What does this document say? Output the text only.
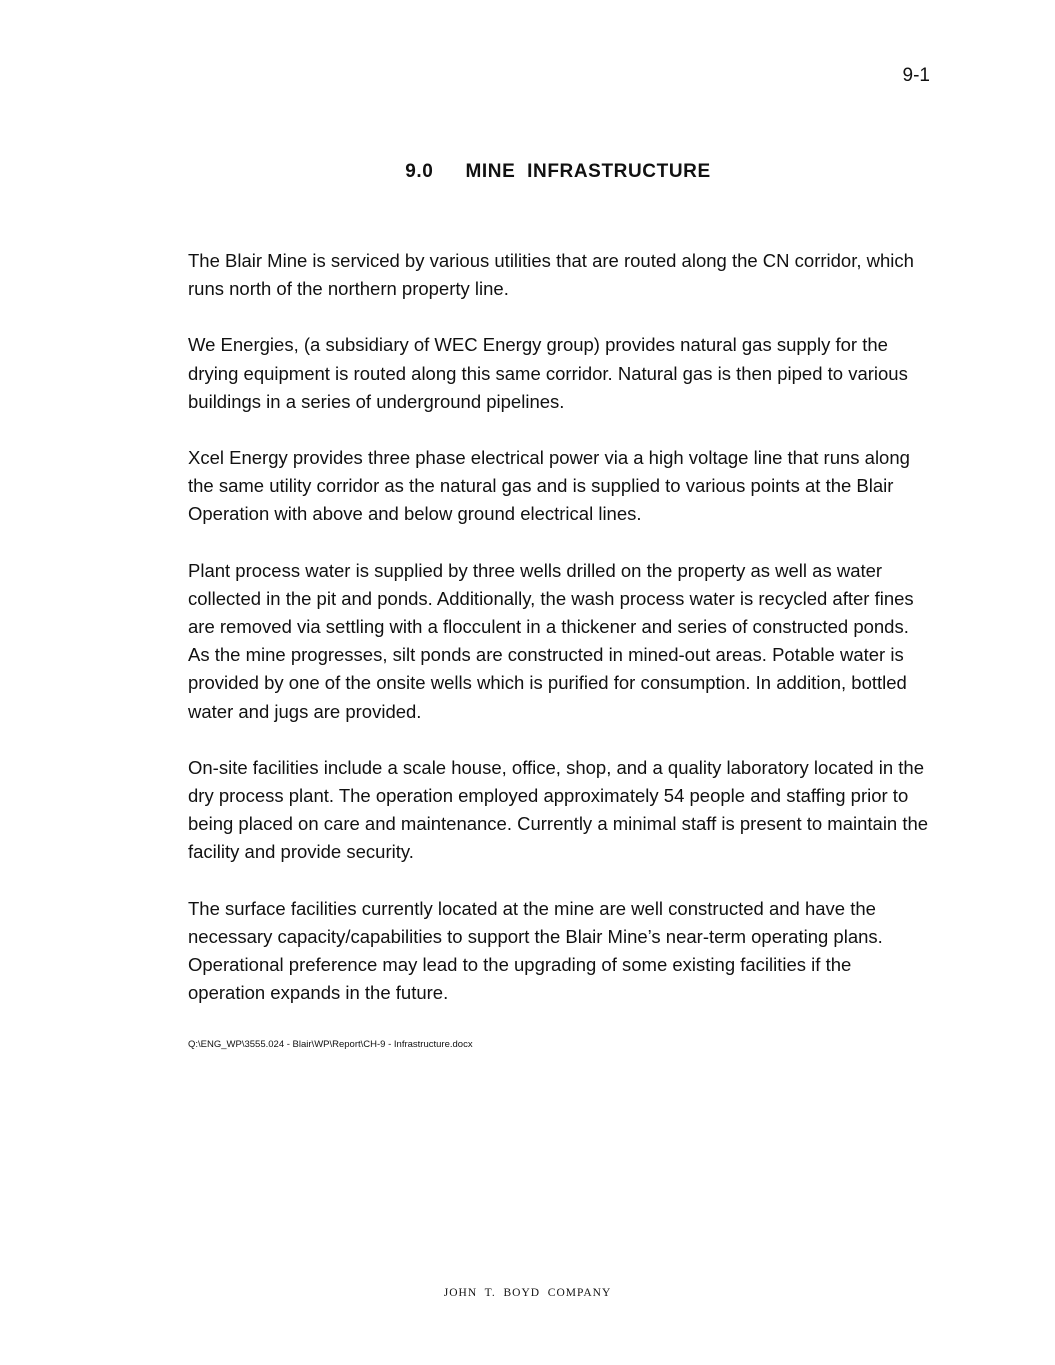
9-1
9.0 MINE  INFRASTRUCTURE

The Blair Mine is serviced by various utilities that are routed along the CN corridor, which runs north of the northern property line.

We Energies, (a subsidiary of WEC Energy group) provides natural gas supply for the drying equipment is routed along this same corridor. Natural gas is then piped to various buildings in a series of underground pipelines.

Xcel Energy provides three phase electrical power via a high voltage line that runs along the same utility corridor as the natural gas and is supplied to various points at the Blair Operation with above and below ground electrical lines.

Plant process water is supplied by three wells drilled on the property as well as water collected in the pit and ponds. Additionally, the wash process water is recycled after fines are removed via settling with a flocculent in a thickener and series of constructed ponds. As the mine progresses, silt ponds are constructed in mined-out areas. Potable water is provided by one of the onsite wells which is purified for consumption. In addition, bottled water and jugs are provided.

On-site facilities include a scale house, office, shop, and a quality laboratory located in the dry process plant. The operation employed approximately 54 people and staffing prior to being placed on care and maintenance. Currently a minimal staff is present to maintain the facility and provide security.

The surface facilities currently located at the mine are well constructed and have the necessary capacity/capabilities to support the Blair Mine’s near-term operating plans. Operational preference may lead to the upgrading of some existing facilities if the operation expands in the future.

Q:\ENG_WP\3555.024 - Blair\WP\Report\CH-9 - Infrastructure.docx
JOHN  T.  BOYD  COMPANY
